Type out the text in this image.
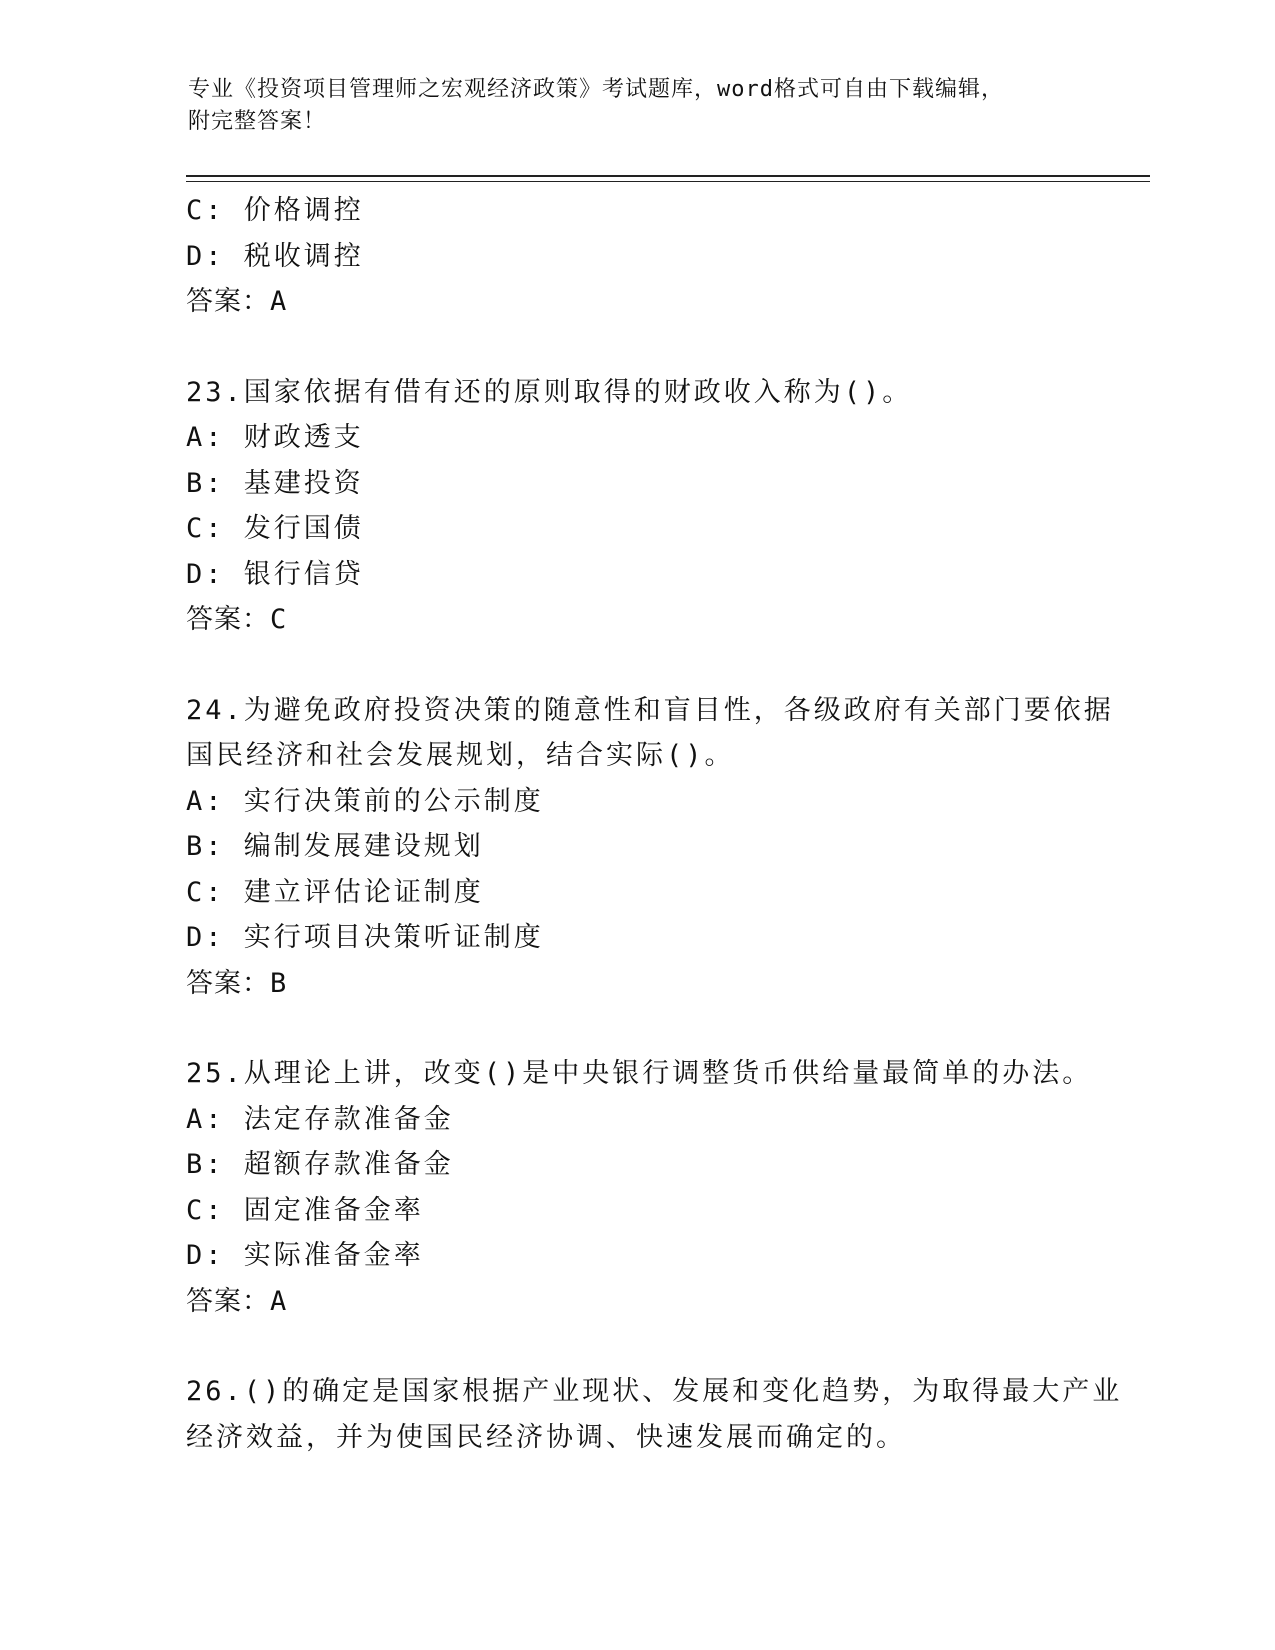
专业《投资项目管理师之宏观经济政策》考试题库，word格式可自由下载编辑，
附完整答案！
C: 价格调控
D: 税收调控
答案：A
23.国家依据有借有还的原则取得的财政收入称为()。
A: 财政透支
B: 基建投资
C: 发行国债
D: 银行信贷
答案：C
24.为避免政府投资决策的随意性和盲目性，各级政府有关部门要依据
国民经济和社会发展规划，结合实际()。
A: 实行决策前的公示制度
B: 编制发展建设规划
C: 建立评估论证制度
D: 实行项目决策听证制度
答案：B
25.从理论上讲，改变()是中央银行调整货币供给量最简单的办法。
A: 法定存款准备金
B: 超额存款准备金
C: 固定准备金率
D: 实际准备金率
答案：A
26.()的确定是国家根据产业现状、发展和变化趋势，为取得最大产业
经济效益，并为使国民经济协调、快速发展而确定的。
